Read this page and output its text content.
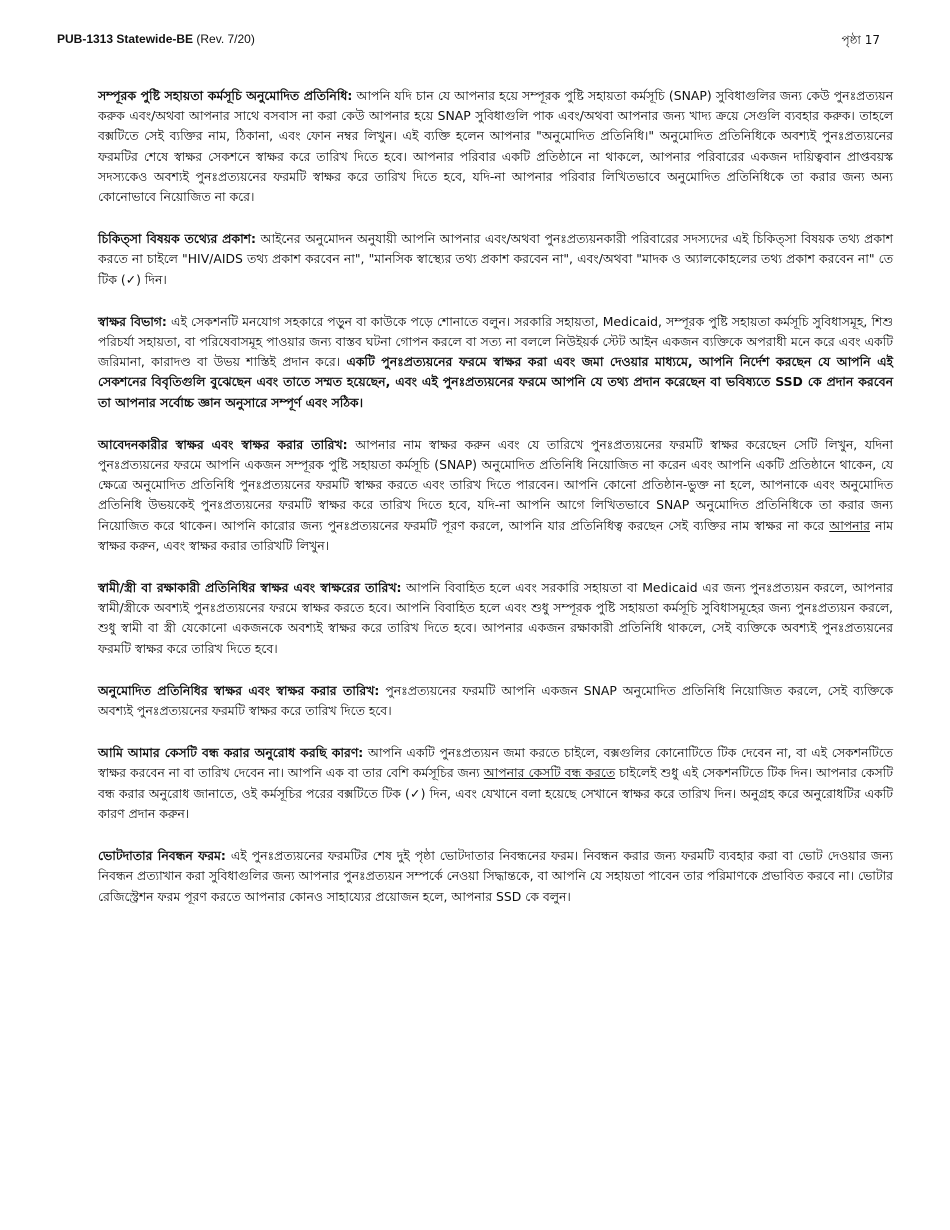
PUB-1313 Statewide-BE (Rev. 7/20)	পৃষ্ঠা 17

সম্পূরক পুষ্টি সহায়তা কর্মসূচি অনুমোদিত প্রতিনিধি: আপনি যদি চান যে আপনার হয়ে সম্পূরক পুষ্টি সহায়তা কর্মসূচি (SNAP) সুবিধাগুলির জন্য কেউ পুনঃপ্রত্যয়ন করুক এবং/অথবা আপনার সাথে বসবাস না করা কেউ আপনার হয়ে SNAP সুবিধাগুলি পাক এবং/অথবা আপনার জন্য খাদ্য ক্রয়ে সেগুলি ব্যবহার করুক। তাহলে বক্সটিতে সেই ব্যক্তির নাম, ঠিকানা, এবং ফোন নম্বর লিখুন। এই ব্যক্তি হলেন আপনার "অনুমোদিত প্রতিনিধি।" অনুমোদিত প্রতিনিধিকে অবশ্যই পুনঃপ্রত্যয়নের ফরমটির শেষে স্বাক্ষর সেকশনে স্বাক্ষর করে তারিখ দিতে হবে। আপনার পরিবার একটি প্রতিষ্ঠানে না থাকলে, আপনার পরিবারের একজন দায়িত্ববান প্রাপ্তবয়স্ক সদস্যকেও অবশ্যই পুনঃপ্রত্যয়নের ফরমটি স্বাক্ষর করে তারিখ দিতে হবে, যদি-না আপনার পরিবার লিখিতভাবে অনুমোদিত প্রতিনিধিকে তা করার জন্য অন্য কোনোভাবে নিয়োজিত না করে।

চিকিত্সা বিষয়ক তথ্যের প্রকাশ: আইনের অনুমোদন অনুযায়ী আপনি আপনার এবং/অথবা পুনঃপ্রত্যয়নকারী পরিবারের সদস্যদের এই চিকিত্সা বিষয়ক তথ্য প্রকাশ করতে না চাইলে "HIV/AIDS তথ্য প্রকাশ করবেন না", "মানসিক স্বাস্থ্যের তথ্য প্রকাশ করবেন না", এবং/অথবা "মাদক ও অ্যালকোহলের তথ্য প্রকাশ করবেন না" তে টিক (✓) দিন।

স্বাক্ষর বিভাগ: এই সেকশনটি মনযোগ সহকারে পড়ুন বা কাউকে পড়ে শোনাতে বলুন। সরকারি সহায়তা, Medicaid, সম্পূরক পুষ্টি সহায়তা কর্মসূচি সুবিধাসমূহ, শিশু পরিচর্যা সহায়তা, বা পরিষেবাসমূহ পাওয়ার জন্য বাস্তব ঘটনা গোপন করলে বা সত্য না বললে নিউইয়র্ক স্টেট আইন একজন ব্যক্তিকে অপরাধী মনে করে এবং একটি জরিমানা, কারাদণ্ড বা উভয় শাস্তিই প্রদান করে। একটি পুনঃপ্রত্যয়নের ফরমে স্বাক্ষর করা এবং জমা দেওয়ার মাধ্যমে, আপনি নির্দেশ করছেন যে আপনি এই সেকশনের বিবৃতিগুলি বুঝেছেন এবং তাতে সম্মত হয়েছেন, এবং এই পুনঃপ্রত্যয়নের ফরমে আপনি যে তথ্য প্রদান করেছেন বা ভবিষ্যতে SSD কে প্রদান করবেন তা আপনার সর্বোচ্চ জ্ঞান অনুসারে সম্পূর্ণ এবং সঠিক।

আবেদনকারীর স্বাক্ষর এবং স্বাক্ষর করার তারিখ: আপনার নাম স্বাক্ষর করুন এবং যে তারিখে পুনঃপ্রত্যয়নের ফরমটি স্বাক্ষর করেছেন সেটি লিখুন, যদিনা পুনঃপ্রত্যয়নের ফরমে আপনি একজন সম্পূরক পুষ্টি সহায়তা কর্মসূচি (SNAP) অনুমোদিত প্রতিনিধি নিয়োজিত না করেন এবং আপনি একটি প্রতিষ্ঠানে থাকেন, যে ক্ষেত্রে অনুমোদিত প্রতিনিধি পুনঃপ্রত্যয়নের ফরমটি স্বাক্ষর করতে এবং তারিখ দিতে পারবেন। আপনি কোনো প্রতিষ্ঠান-ভুক্ত না হলে, আপনাকে এবং অনুমোদিত প্রতিনিধি উভয়কেই পুনঃপ্রত্যয়নের ফরমটি স্বাক্ষর করে তারিখ দিতে হবে, যদি-না আপনি আগে লিখিতভাবে SNAP অনুমোদিত প্রতিনিধিকে তা করার জন্য নিয়োজিত করে থাকেন। আপনি কারোর জন্য পুনঃপ্রত্যয়নের ফরমটি পূরণ করলে, আপনি যার প্রতিনিধিত্ব করছেন সেই ব্যক্তির নাম স্বাক্ষর না করে আপনার নাম স্বাক্ষর করুন, এবং স্বাক্ষর করার তারিখটি লিখুন।

স্বামী/স্ত্রী বা রক্ষাকারী প্রতিনিধির স্বাক্ষর এবং স্বাক্ষরের তারিখ: আপনি বিবাহিত হলে এবং সরকারি সহায়তা বা Medicaid এর জন্য পুনঃপ্রত্যয়ন করলে, আপনার স্বামী/স্ত্রীকে অবশ্যই পুনঃপ্রত্যয়নের ফরমে স্বাক্ষর করতে হবে। আপনি বিবাহিত হলে এবং শুধু সম্পূরক পুষ্টি সহায়তা কর্মসূচি সুবিধাসমূহের জন্য পুনঃপ্রত্যয়ন করলে, শুধু স্বামী বা স্ত্রী যেকোনো একজনকে অবশ্যই স্বাক্ষর করে তারিখ দিতে হবে। আপনার একজন রক্ষাকারী প্রতিনিধি থাকলে, সেই ব্যক্তিকে অবশ্যই পুনঃপ্রত্যয়নের ফরমটি স্বাক্ষর করে তারিখ দিতে হবে।

অনুমোদিত প্রতিনিধির স্বাক্ষর এবং স্বাক্ষর করার তারিখ: পুনঃপ্রত্যয়নের ফরমটি আপনি একজন SNAP অনুমোদিত প্রতিনিধি নিয়োজিত করলে, সেই ব্যক্তিকে অবশ্যই পুনঃপ্রত্যয়নের ফরমটি স্বাক্ষর করে তারিখ দিতে হবে।

আমি আমার কেসটি বন্ধ করার অনুরোধ করছি কারণ: আপনি একটি পুনঃপ্রত্যয়ন জমা করতে চাইলে, বক্সগুলির কোনোটিতে টিক দেবেন না, বা এই সেকশনটিতে স্বাক্ষর করবেন না বা তারিখ দেবেন না। আপনি এক বা তার বেশি কর্মসূচির জন্য আপনার কেসটি বন্ধ করতে চাইলেই শুধু এই সেকশনটিতে টিক দিন। আপনার কেসটি বন্ধ করার অনুরোধ জানাতে, ওই কর্মসূচির পরের বক্সটিতে টিক (✓) দিন, এবং যেখানে বলা হয়েছে সেখানে স্বাক্ষর করে তারিখ দিন। অনুগ্রহ করে অনুরোধটির একটি কারণ প্রদান করুন।

ভোটদাতার নিবন্ধন ফরম: এই পুনঃপ্রত্যয়নের ফরমটির শেষ দুই পৃষ্ঠা ভোটদাতার নিবন্ধনের ফরম। নিবন্ধন করার জন্য ফরমটি ব্যবহার করা বা ভোট দেওয়ার জন্য নিবন্ধন প্রত্যাখান করা সুবিধাগুলির জন্য আপনার পুনঃপ্রত্যয়ন সম্পর্কে নেওয়া সিদ্ধান্তকে, বা আপনি যে সহায়তা পাবেন তার পরিমাণকে প্রভাবিত করবে না। ভোটার রেজিস্ট্রেশন ফরম পূরণ করতে আপনার কোনও সাহায্যের প্রয়োজন হলে, আপনার SSD কে বলুন।
